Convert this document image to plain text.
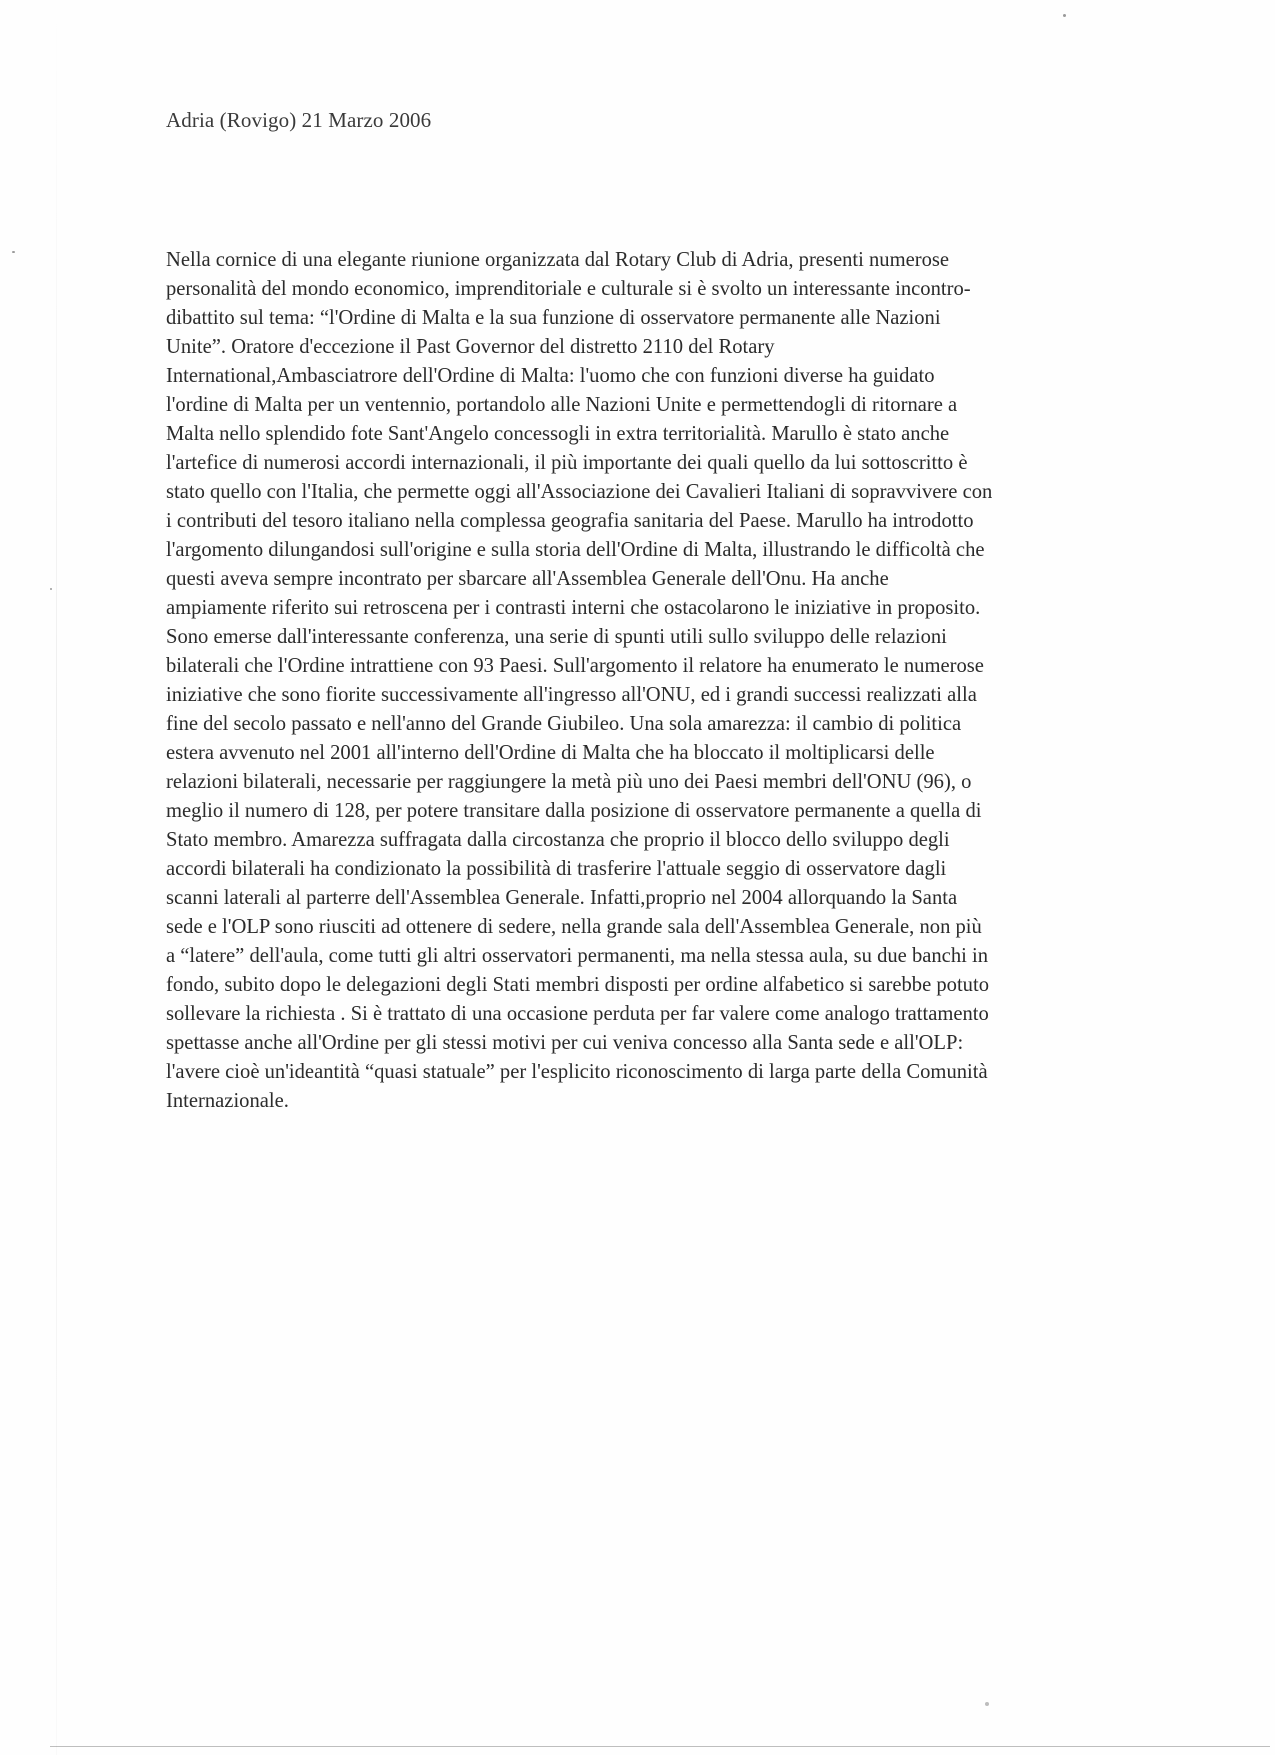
Adria (Rovigo) 21 Marzo 2006
Nella cornice di una elegante riunione organizzata dal Rotary Club di Adria, presenti numerose
personalità del mondo economico, imprenditoriale e culturale si è svolto un interessante incontro-
dibattito sul tema: “l'Ordine di Malta e la sua funzione di osservatore permanente alle Nazioni
Unite”. Oratore d'eccezione il Past Governor del distretto 2110 del Rotary
International,Ambasciatrore dell'Ordine di Malta: l'uomo che con funzioni diverse ha guidato
l'ordine di Malta per un ventennio, portandolo alle Nazioni Unite e permettendogli di ritornare a
Malta nello splendido fote Sant'Angelo concessogli in extra territorialità. Marullo è stato anche
l'artefice di numerosi accordi internazionali, il più importante dei quali quello da lui sottoscritto è
stato quello con l'Italia, che permette oggi all'Associazione dei Cavalieri Italiani di sopravvivere con
i contributi del tesoro italiano nella complessa geografia sanitaria del Paese. Marullo ha introdotto
l'argomento dilungandosi sull'origine e sulla storia dell'Ordine di Malta, illustrando le difficoltà che
questi aveva sempre incontrato per sbarcare all'Assemblea Generale dell'Onu. Ha anche
ampiamente riferito sui retroscena per i contrasti interni che ostacolarono le iniziative in proposito.
Sono emerse dall'interessante conferenza, una serie di spunti utili sullo sviluppo delle relazioni
bilaterali che l'Ordine intrattiene con 93 Paesi. Sull'argomento il relatore ha enumerato le numerose
iniziative che sono fiorite successivamente all'ingresso all'ONU, ed i grandi successi realizzati alla
fine del secolo passato e nell'anno del Grande Giubileo. Una sola amarezza: il cambio di politica
estera avvenuto nel 2001 all'interno dell'Ordine di Malta che ha bloccato il moltiplicarsi delle
relazioni bilaterali, necessarie per raggiungere la metà più uno dei Paesi membri dell'ONU (96), o
meglio il numero di 128, per potere transitare dalla posizione di osservatore permanente a quella di
Stato membro. Amarezza suffragata dalla circostanza che proprio il blocco dello sviluppo degli
accordi bilaterali ha condizionato la possibilità di trasferire l'attuale seggio di osservatore dagli
scanni laterali al parterre dell'Assemblea Generale. Infatti,proprio nel 2004 allorquando la Santa
sede e l'OLP sono riusciti ad ottenere di sedere, nella grande sala dell'Assemblea Generale, non più
a “latere” dell'aula, come tutti gli altri osservatori permanenti, ma nella stessa aula, su due banchi in
fondo, subito dopo le delegazioni degli Stati membri disposti per ordine alfabetico si sarebbe potuto
sollevare la richiesta . Si è trattato di una occasione perduta per far valere come analogo trattamento
spettasse anche all'Ordine per gli stessi motivi per cui veniva concesso alla Santa sede e all'OLP:
l'avere cioè un'ideantità “quasi statuale” per l'esplicito riconoscimento di larga parte della Comunità
Internazionale.
